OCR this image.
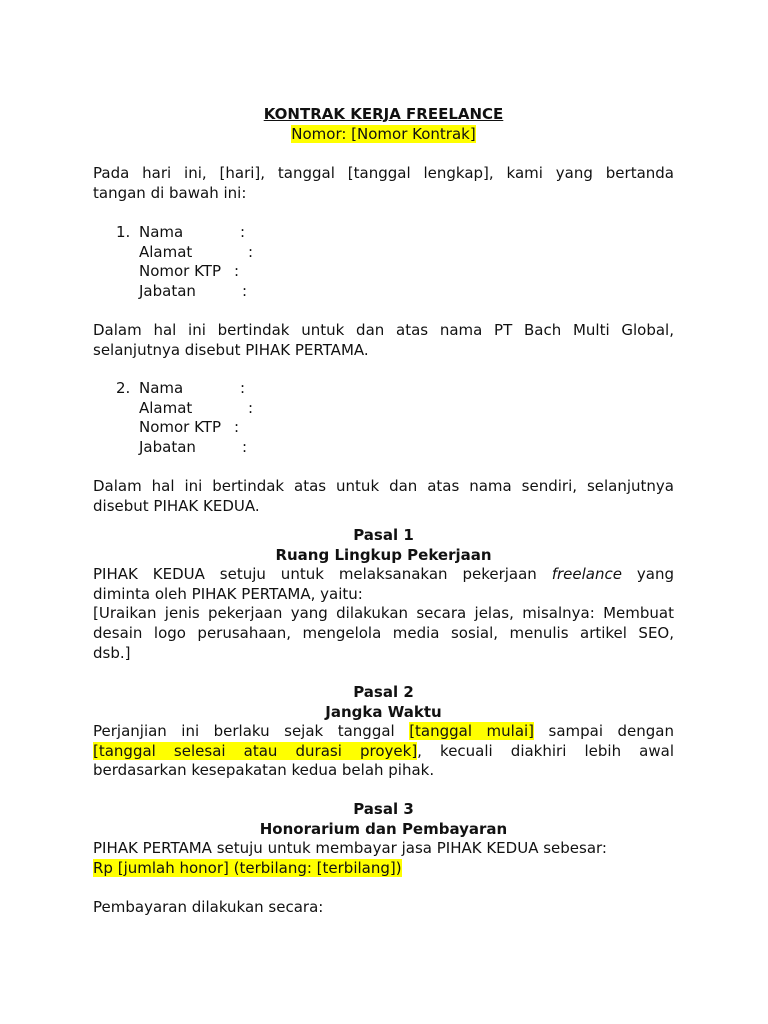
KONTRAK KERJA FREELANCE
Nomor: [Nomor Kontrak]
Pada hari ini, [hari], tanggal [tanggal lengkap], kami yang bertanda
tangan di bawah ini:
1. Nama	:
Alamat	:
Nomor KTP :
Jabatan	:
Dalam hal ini bertindak untuk dan atas nama PT Bach Multi Global,
selanjutnya disebut PIHAK PERTAMA.
2. Nama	:
Alamat	:
Nomor KTP :
Jabatan	:
Dalam hal ini bertindak atas untuk dan atas nama sendiri, selanjutnya
disebut PIHAK KEDUA.
Pasal 1
Ruang Lingkup Pekerjaan
PIHAK KEDUA setuju untuk melaksanakan pekerjaan freelance yang
diminta oleh PIHAK PERTAMA, yaitu:
[Uraikan jenis pekerjaan yang dilakukan secara jelas, misalnya: Membuat
desain logo perusahaan, mengelola media sosial, menulis artikel SEO,
dsb.]
Pasal 2
Jangka Waktu
Perjanjian ini berlaku sejak tanggal [tanggal mulai] sampai dengan
[tanggal selesai atau durasi proyek], kecuali diakhiri lebih awal
berdasarkan kesepakatan kedua belah pihak.
Pasal 3
Honorarium dan Pembayaran
PIHAK PERTAMA setuju untuk membayar jasa PIHAK KEDUA sebesar:
Rp [jumlah honor] (terbilang: [terbilang])
Pembayaran dilakukan secara:
